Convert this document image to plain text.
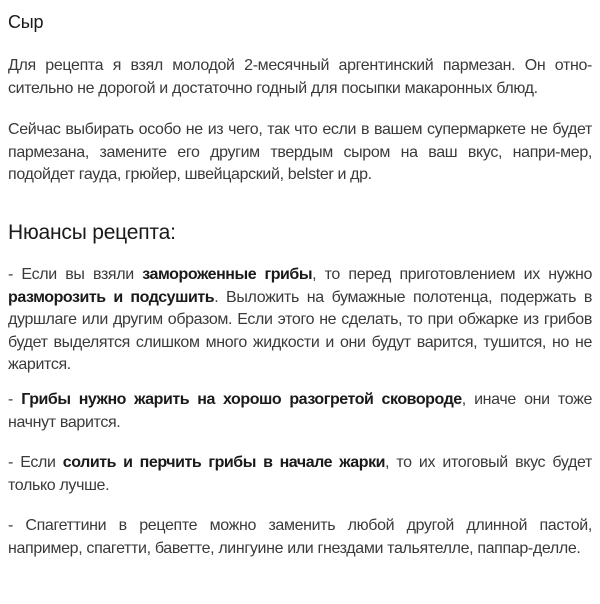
Сыр

Для рецепта я взял молодой 2-месячный аргентинский пармезан. Он отно-сительно не дорогой и достаточно годный для посыпки макаронных блюд.

Сейчас выбирать особо не из чего, так что если в вашем супермаркете не будет пармезана, замените его другим твердым сыром на ваш вкус, напри-мер, подойдет гауда, грюйер, швейцарский, belster и др.

Нюансы рецепта:

- Если вы взяли замороженные грибы, то перед приготовлением их нужно разморозить и подсушить. Выложить на бумажные полотенца, подержать в дуршлаге или другим образом. Если этого не сделать, то при обжарке из грибов будет выделятся слишком много жидкости и они будут варится, тушится, но не жарится.

- Грибы нужно жарить на хорошо разогретой сковороде, иначе они тоже начнут варится.

- Если солить и перчить грибы в начале жарки, то их итоговый вкус будет только лучше.

- Спагеттини в рецепте можно заменить любой другой длинной пастой, например, спагетти, баветте, лингуине или гнездами тальятелле, паппар-делле.
